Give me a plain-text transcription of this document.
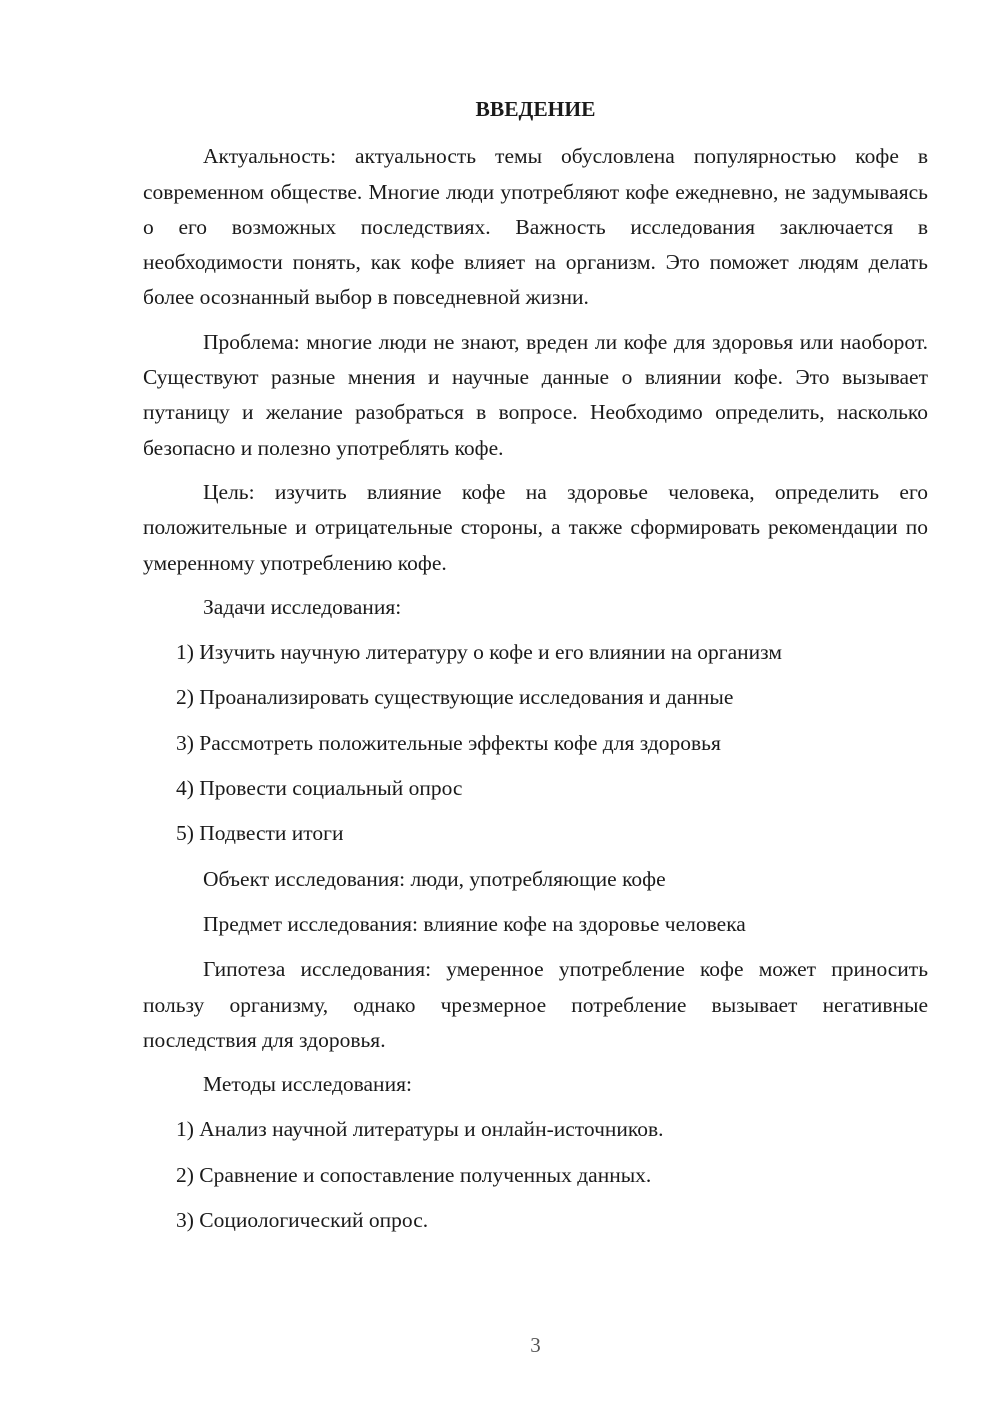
ВВЕДЕНИЕ

Актуальность: актуальность темы обусловлена популярностью кофе в современном обществе. Многие люди употребляют кофе ежедневно, не задумываясь о его возможных последствиях. Важность исследования заключается в необходимости понять, как кофе влияет на организм. Это поможет людям делать более осознанный выбор в повседневной жизни.

Проблема: многие люди не знают, вреден ли кофе для здоровья или наоборот. Существуют разные мнения и научные данные о влиянии кофе. Это вызывает путаницу и желание разобраться в вопросе. Необходимо определить, насколько безопасно и полезно употреблять кофе.

Цель: изучить влияние кофе на здоровье человека, определить его положительные и отрицательные стороны, а также сформировать рекомендации по умеренному употреблению кофе.

Задачи исследования:
1) Изучить научную литературу о кофе и его влиянии на организм
2) Проанализировать существующие исследования и данные
3) Рассмотреть положительные эффекты кофе для здоровья
4) Провести социальный опрос
5) Подвести итоги
Объект исследования: люди, употребляющие кофе
Предмет исследования: влияние кофе на здоровье человека

Гипотеза исследования: умеренное употребление кофе может приносить пользу организму, однако чрезмерное потребление вызывает негативные последствия для здоровья.

Методы исследования:
1) Анализ научной литературы и онлайн-источников.
2) Сравнение и сопоставление полученных данных.
3) Социологический опрос.
3
